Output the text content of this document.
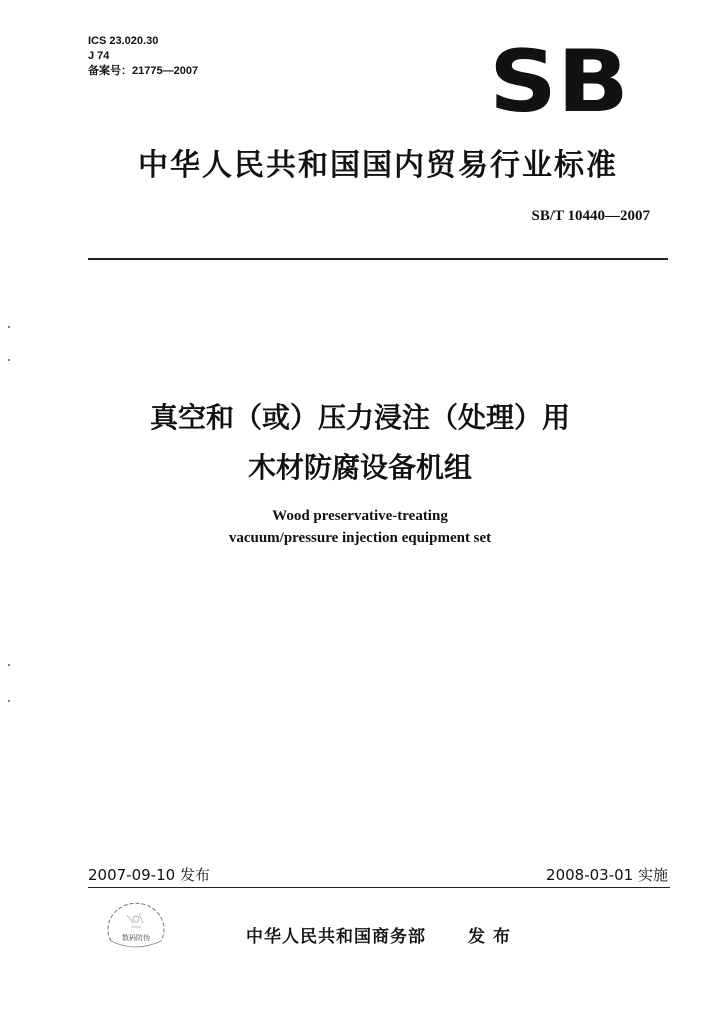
ICS 23.020.30
J 74
备案号：21775—2007	SB
中华人民共和国国内贸易行业标准
SB/T 10440—2007
真空和（或）压力浸注（处理）用
木材防腐设备机组
Wood preservative-treating
vacuum/pressure injection equipment set
2007-09-10 发布	2008-03-01 实施
数码防伪	中华人民共和国商务部 发布
